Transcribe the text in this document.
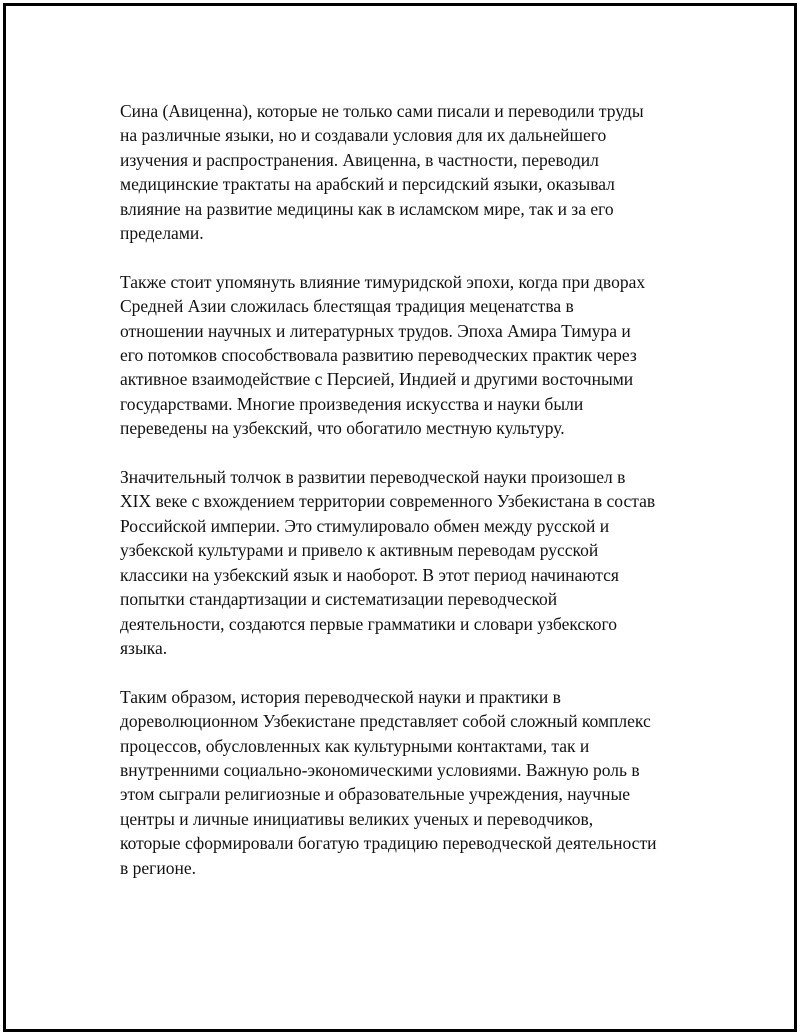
Сина (Авиценна), которые не только сами писали и переводили труды
на различные языки, но и создавали условия для их дальнейшего
изучения и распространения. Авиценна, в частности, переводил
медицинские трактаты на арабский и персидский языки, оказывал
влияние на развитие медицины как в исламском мире, так и за его
пределами.

Также стоит упомянуть влияние тимуридской эпохи, когда при дворах
Средней Азии сложилась блестящая традиция меценатства в
отношении научных и литературных трудов. Эпоха Амира Тимура и
его потомков способствовала развитию переводческих практик через
активное взаимодействие с Персией, Индией и другими восточными
государствами. Многие произведения искусства и науки были
переведены на узбекский, что обогатило местную культуру.

Значительный толчок в развитии переводческой науки произошел в
XIX веке с вхождением территории современного Узбекистана в состав
Российской империи. Это стимулировало обмен между русской и
узбекской культурами и привело к активным переводам русской
классики на узбекский язык и наоборот. В этот период начинаются
попытки стандартизации и систематизации переводческой
деятельности, создаются первые грамматики и словари узбекского
языка.

Таким образом, история переводческой науки и практики в
дореволюционном Узбекистане представляет собой сложный комплекс
процессов, обусловленных как культурными контактами, так и
внутренними социально-экономическими условиями. Важную роль в
этом сыграли религиозные и образовательные учреждения, научные
центры и личные инициативы великих ученых и переводчиков,
которые сформировали богатую традицию переводческой деятельности
в регионе.
